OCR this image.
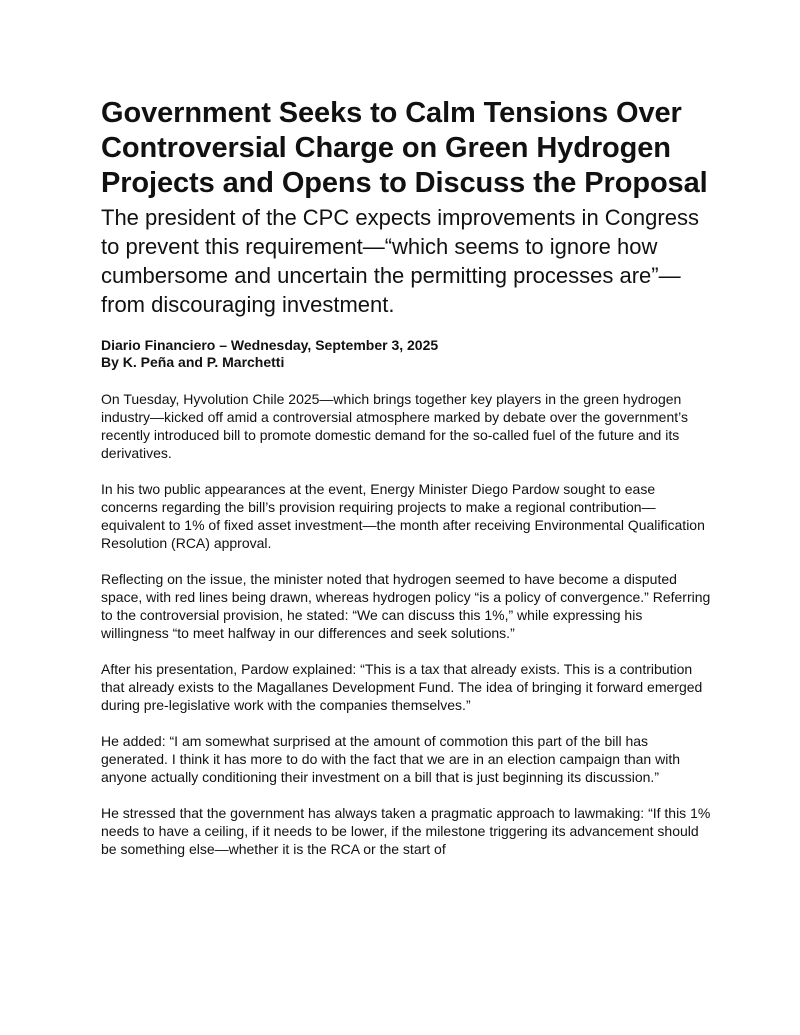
Government Seeks to Calm Tensions Over Controversial Charge on Green Hydrogen Projects and Opens to Discuss the Proposal
The president of the CPC expects improvements in Congress to prevent this requirement—“which seems to ignore how cumbersome and uncertain the permitting processes are”—from discouraging investment.
Diario Financiero – Wednesday, September 3, 2025
By K. Peña and P. Marchetti

On Tuesday, Hyvolution Chile 2025—which brings together key players in the green hydrogen industry—kicked off amid a controversial atmosphere marked by debate over the government’s recently introduced bill to promote domestic demand for the so-called fuel of the future and its derivatives.

In his two public appearances at the event, Energy Minister Diego Pardow sought to ease concerns regarding the bill’s provision requiring projects to make a regional contribution—equivalent to 1% of fixed asset investment—the month after receiving Environmental Qualification Resolution (RCA) approval.

Reflecting on the issue, the minister noted that hydrogen seemed to have become a disputed space, with red lines being drawn, whereas hydrogen policy “is a policy of convergence.” Referring to the controversial provision, he stated: “We can discuss this 1%,” while expressing his willingness “to meet halfway in our differences and seek solutions.”

After his presentation, Pardow explained: “This is a tax that already exists. This is a contribution that already exists to the Magallanes Development Fund. The idea of bringing it forward emerged during pre-legislative work with the companies themselves.”

He added: “I am somewhat surprised at the amount of commotion this part of the bill has generated. I think it has more to do with the fact that we are in an election campaign than with anyone actually conditioning their investment on a bill that is just beginning its discussion.”

He stressed that the government has always taken a pragmatic approach to lawmaking: “If this 1% needs to have a ceiling, if it needs to be lower, if the milestone triggering its advancement should be something else—whether it is the RCA or the start of
